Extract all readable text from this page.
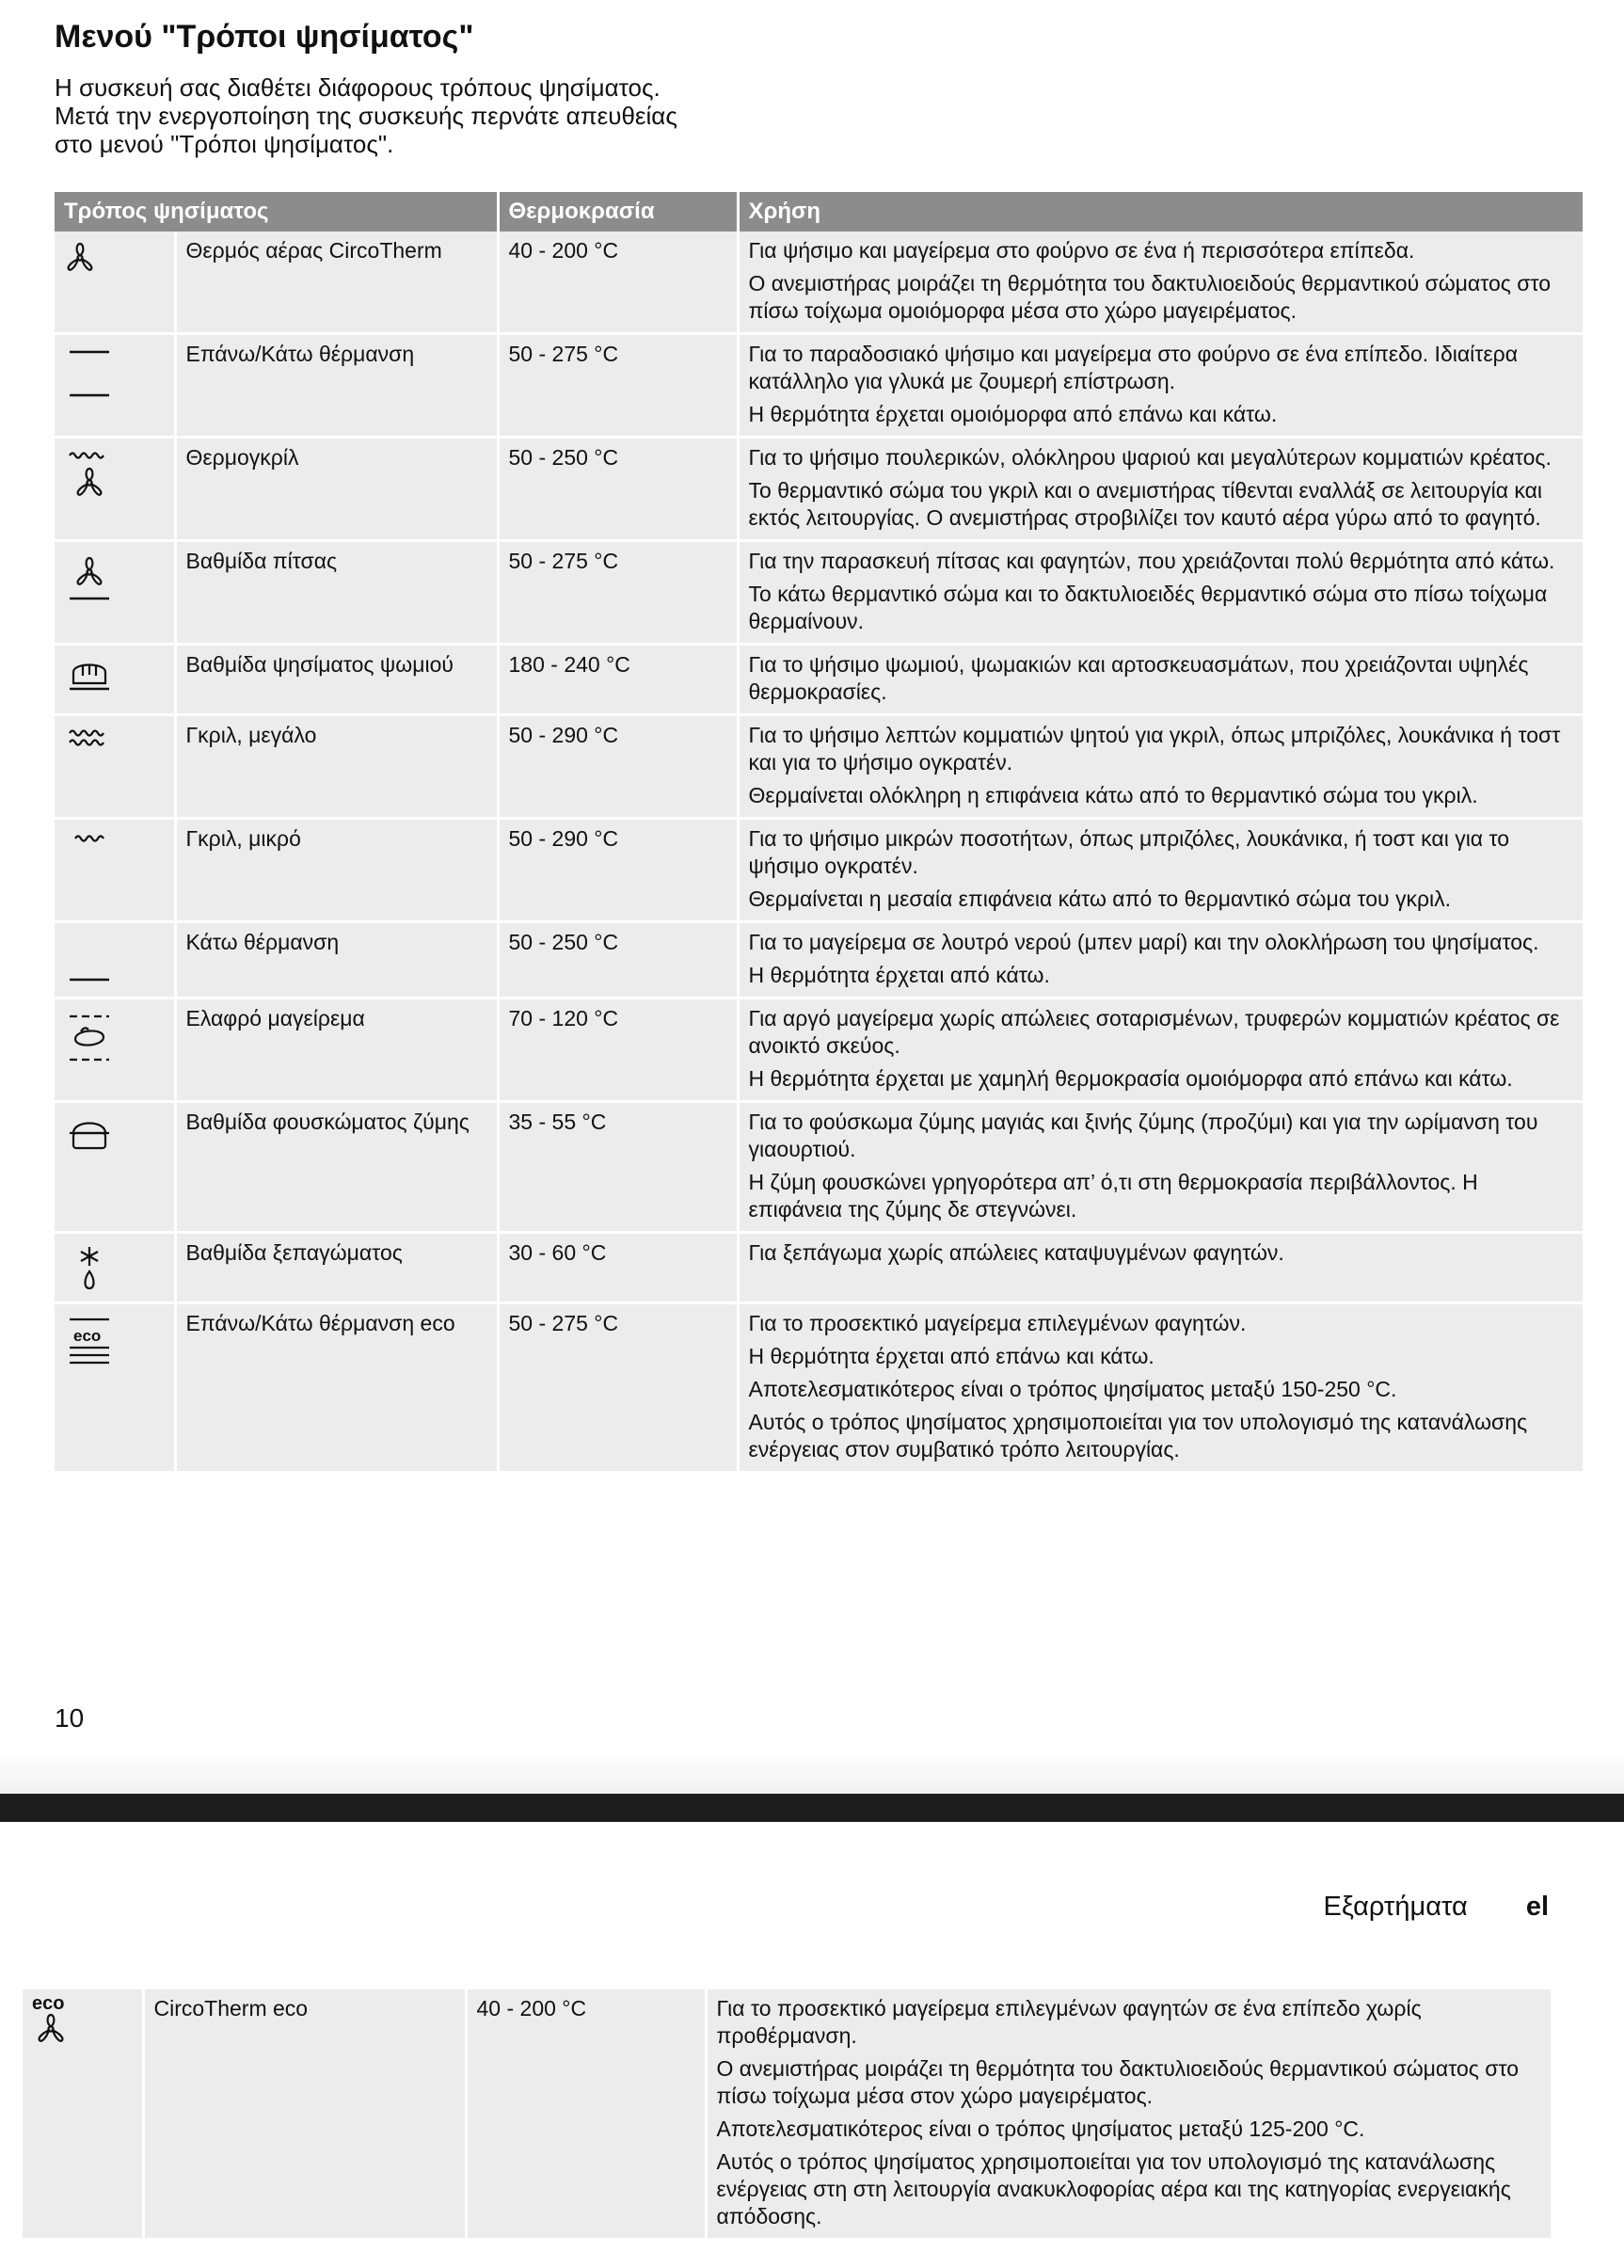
Μενού "Τρόποι ψησίματος"
Η συσκευή σας διαθέτει διάφορους τρόπους ψησίματος.
Μετά την ενεργοποίηση της συσκευής περνάτε απευθείας
στο μενού "Τρόποι ψησίματος".
Τρόπος ψησίματος		Θερμοκρασία	Χρήση

	Θερμός αέρας CircoTherm	40 - 200 °C	Για ψήσιμο και μαγείρεμα στο φούρνο σε ένα ή περισσότερα επίπεδα.

Ο ανεμιστήρας μοιράζει τη θερμότητα του δακτυλιοειδούς θερμαντικού σώματος στο πίσω τοίχωμα ομοιόμορφα μέσα στο χώρο μαγειρέματος.

	Επάνω/Κάτω θέρμανση	50 - 275 °C	Για το παραδοσιακό ψήσιμο και μαγείρεμα στο φούρνο σε ένα επίπεδο. Ιδιαίτερα κατάλληλο για γλυκά με ζουμερή επίστρωση.

Η θερμότητα έρχεται ομοιόμορφα από επάνω και κάτω.

	Θερμογκρίλ	50 - 250 °C	Για το ψήσιμο πουλερικών, ολόκληρου ψαριού και μεγαλύτερων κομματιών κρέατος.

Το θερμαντικό σώμα του γκριλ και ο ανεμιστήρας τίθενται εναλλάξ σε λειτουργία και εκτός λειτουργίας. Ο ανεμιστήρας στροβιλίζει τον καυτό αέρα γύρω από το φαγητό.

	Βαθμίδα πίτσας	50 - 275 °C	Για την παρασκευή πίτσας και φαγητών, που χρειάζονται πολύ θερμότητα από κάτω.

Το κάτω θερμαντικό σώμα και το δακτυλιοειδές θερμαντικό σώμα στο πίσω τοίχωμα θερμαίνουν.

	Βαθμίδα ψησίματος ψωμιού	180 - 240 °C	Για το ψήσιμο ψωμιού, ψωμακιών και αρτοσκευασμάτων, που χρειάζονται υψηλές θερμοκρασίες.

	Γκριλ, μεγάλο	50 - 290 °C	Για το ψήσιμο λεπτών κομματιών ψητού για γκριλ, όπως μπριζόλες, λουκάνικα ή τοστ και για το ψήσιμο ογκρατέν.

Θερμαίνεται ολόκληρη η επιφάνεια κάτω από το θερμαντικό σώμα του γκριλ.

	Γκριλ, μικρό	50 - 290 °C	Για το ψήσιμο μικρών ποσοτήτων, όπως μπριζόλες, λουκάνικα, ή τοστ και για το ψήσιμο ογκρατέν.

Θερμαίνεται η μεσαία επιφάνεια κάτω από το θερμαντικό σώμα του γκριλ.

	Κάτω θέρμανση	50 - 250 °C	Για το μαγείρεμα σε λουτρό νερού (μπεν μαρί) και την ολοκλήρωση του ψησίματος.

Η θερμότητα έρχεται από κάτω.

	Ελαφρό μαγείρεμα	70 - 120 °C	Για αργό μαγείρεμα χωρίς απώλειες σοταρισμένων, τρυφερών κομματιών κρέατος σε ανοικτό σκεύος.

Η θερμότητα έρχεται με χαμηλή θερμοκρασία ομοιόμορφα από επάνω και κάτω.

	Βαθμίδα φουσκώματος ζύμης	35 - 55 °C	Για το φούσκωμα ζύμης μαγιάς και ξινής ζύμης (προζύμι) και για την ωρίμανση του γιαουρτιού.

Η ζύμη φουσκώνει γρηγορότερα απ’ ό,τι στη θερμοκρασία περιβάλλοντος. Η επιφάνεια της ζύμης δε στεγνώνει.

	Βαθμίδα ξεπαγώματος	30 - 60 °C	Για ξεπάγωμα χωρίς απώλειες καταψυγμένων φαγητών.

eco	Επάνω/Κάτω θέρμανση eco	50 - 275 °C	Για το προσεκτικό μαγείρεμα επιλεγμένων φαγητών.

Η θερμότητα έρχεται από επάνω και κάτω.

Αποτελεσματικότερος είναι ο τρόπος ψησίματος μεταξύ 150-250 °C.

Αυτός ο τρόπος ψησίματος χρησιμοποιείται για τον υπολογισμό της κατανάλωσης ενέργειας στον συμβατικό τρόπο λειτουργίας.

10
Εξαρτήματα el
eco	CircoTherm eco	40 - 200 °C	Για το προσεκτικό μαγείρεμα επιλεγμένων φαγητών σε ένα επίπεδο χωρίς προθέρμανση.

Ο ανεμιστήρας μοιράζει τη θερμότητα του δακτυλιοειδούς θερμαντικού σώματος στο πίσω τοίχωμα μέσα στον χώρο μαγειρέματος.

Αποτελεσματικότερος είναι ο τρόπος ψησίματος μεταξύ 125-200 °C.

Αυτός ο τρόπος ψησίματος χρησιμοποιείται για τον υπολογισμό της κατανάλωσης ενέργειας στη στη λειτουργία ανακυκλοφορίας αέρα και της κατηγορίας ενεργειακής απόδοσης.
